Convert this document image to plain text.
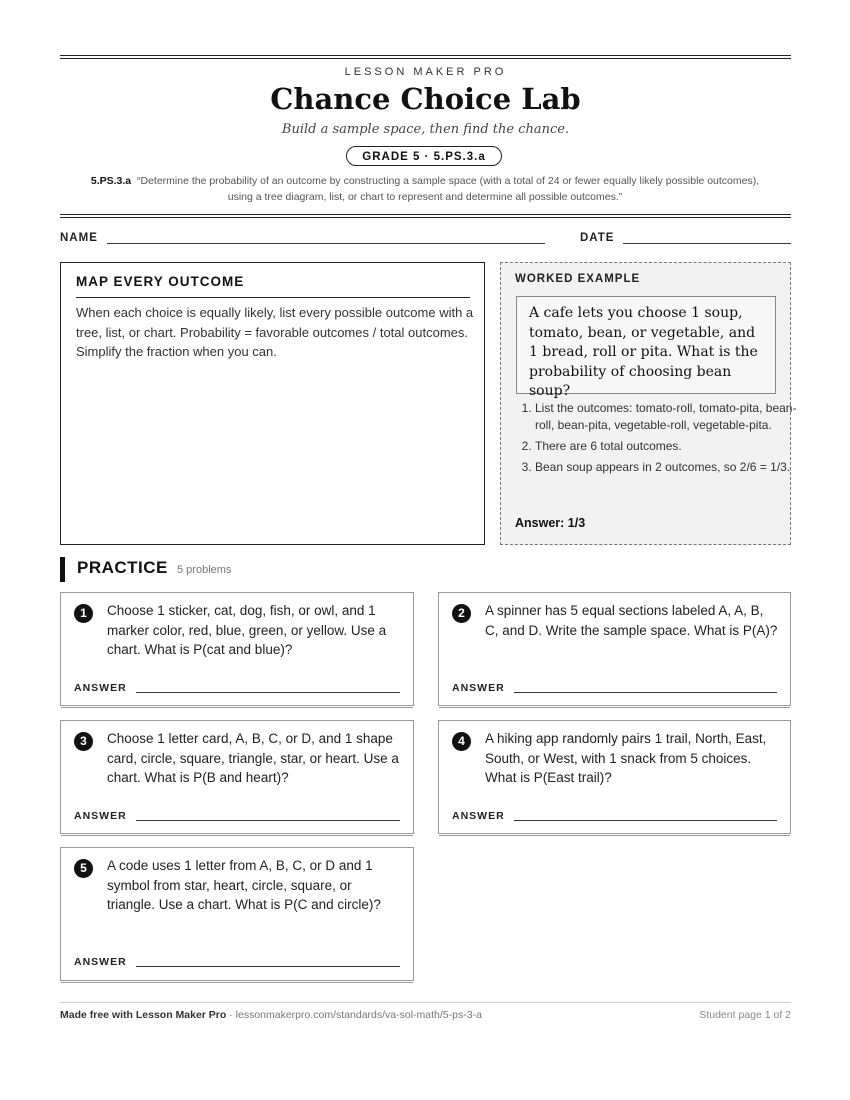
LESSON MAKER PRO
Chance Choice Lab
Build a sample space, then find the chance.
GRADE 5 · 5.PS.3.a
5.PS.3.a “Determine the probability of an outcome by constructing a sample space (with a total of 24 or fewer equally likely possible outcomes), using a tree diagram, list, or chart to represent and determine all possible outcomes.”
NAME	DATE
MAP EVERY OUTCOME

When each choice is equally likely, list every possible outcome with a tree, list, or chart. Probability = favorable outcomes / total outcomes. Simplify the fraction when you can.

WORKED EXAMPLE
A cafe lets you choose 1 soup, tomato, bean, or vegetable, and 1 bread, roll or pita. What is the probability of choosing bean soup?
1. List the outcomes: tomato-roll, tomato-pita, bean-roll, bean-pita, vegetable-roll, vegetable-pita.
2. There are 6 total outcomes.
3. Bean soup appears in 2 outcomes, so 2/6 = 1/3.
Answer: 1/3
PRACTICE 5 problems
1	Choose 1 sticker, cat, dog, fish, or owl, and 1 marker color, red, blue, green, or yellow. Use a chart. What is P(cat and blue)?

ANSWER
2	A spinner has 5 equal sections labeled A, A, B, C, and D. Write the sample space. What is P(A)?

ANSWER
3	Choose 1 letter card, A, B, C, or D, and 1 shape card, circle, square, triangle, star, or heart. Use a chart. What is P(B and heart)?

ANSWER
4	A hiking app randomly pairs 1 trail, North, East, South, or West, with 1 snack from 5 choices. What is P(East trail)?

ANSWER
5	A code uses 1 letter from A, B, C, or D and 1 symbol from star, heart, circle, square, or triangle. Use a chart. What is P(C and circle)?

ANSWER
Made free with Lesson Maker Pro · lessonmakerpro.com/standards/va-sol-math/5-ps-3-a	Student page 1 of 2
